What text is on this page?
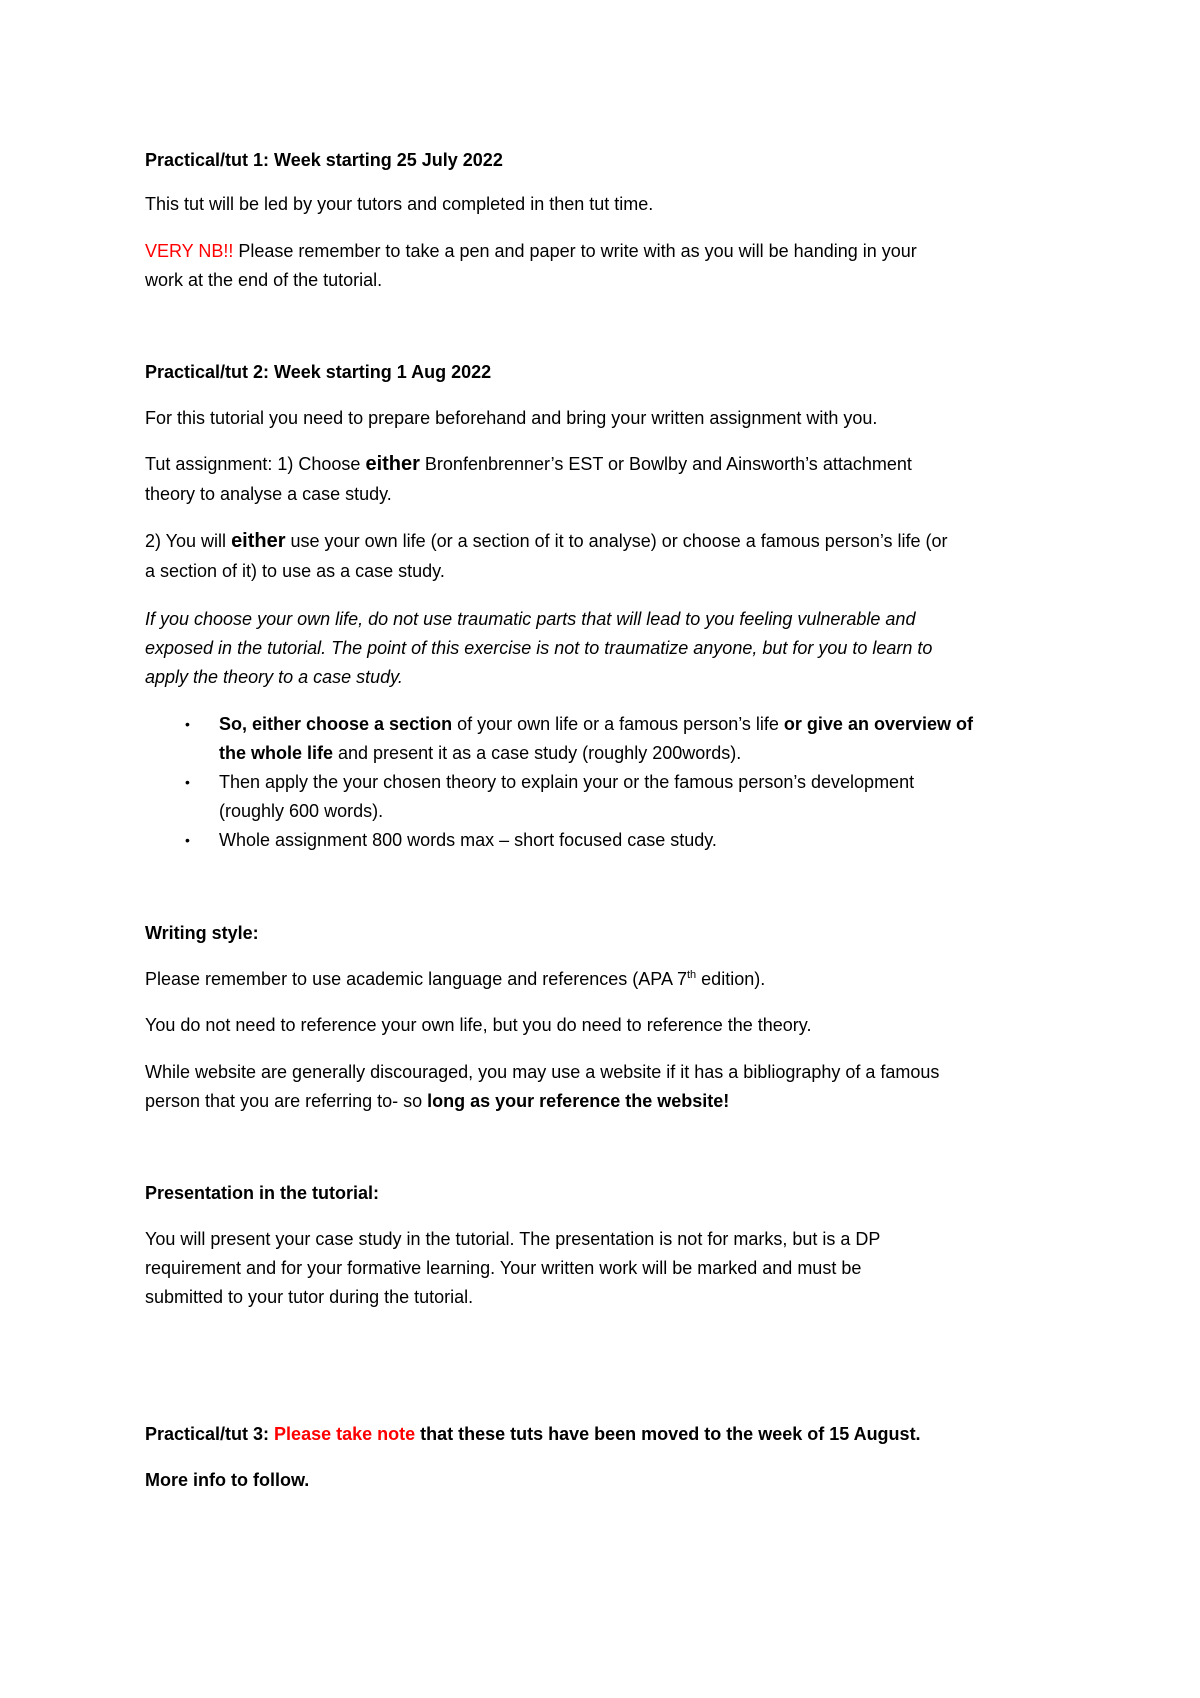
Practical/tut 1: Week starting 25 July 2022
This tut will be led by your tutors and completed in then tut time.
VERY NB!! Please remember to take a pen and paper to write with as you will be handing in your
work at the end of the tutorial.
Practical/tut 2: Week starting 1 Aug 2022
For this tutorial you need to prepare beforehand and bring your written assignment with you.
Tut assignment: 1) Choose either Bronfenbrenner’s EST or Bowlby and Ainsworth’s attachment
theory to analyse a case study.
2) You will either use your own life (or a section of it to analyse) or choose a famous person’s life (or
a section of it) to use as a case study.
If you choose your own life, do not use traumatic parts that will lead to you feeling vulnerable and
exposed in the tutorial. The point of this exercise is not to traumatize anyone, but for you to learn to
apply the theory to a case study.
• So, either choose a section of your own life or a famous person’s life or give an overview of
the whole life and present it as a case study (roughly 200words).
• Then apply the your chosen theory to explain your or the famous person’s development
(roughly 600 words).
• Whole assignment 800 words max – short focused case study.
Writing style:
Please remember to use academic language and references (APA 7th edition).
You do not need to reference your own life, but you do need to reference the theory.
While website are generally discouraged, you may use a website if it has a bibliography of a famous
person that you are referring to- so long as your reference the website!
Presentation in the tutorial:
You will present your case study in the tutorial. The presentation is not for marks, but is a DP
requirement and for your formative learning. Your written work will be marked and must be
submitted to your tutor during the tutorial.
Practical/tut 3: Please take note that these tuts have been moved to the week of 15 August.
More info to follow.
